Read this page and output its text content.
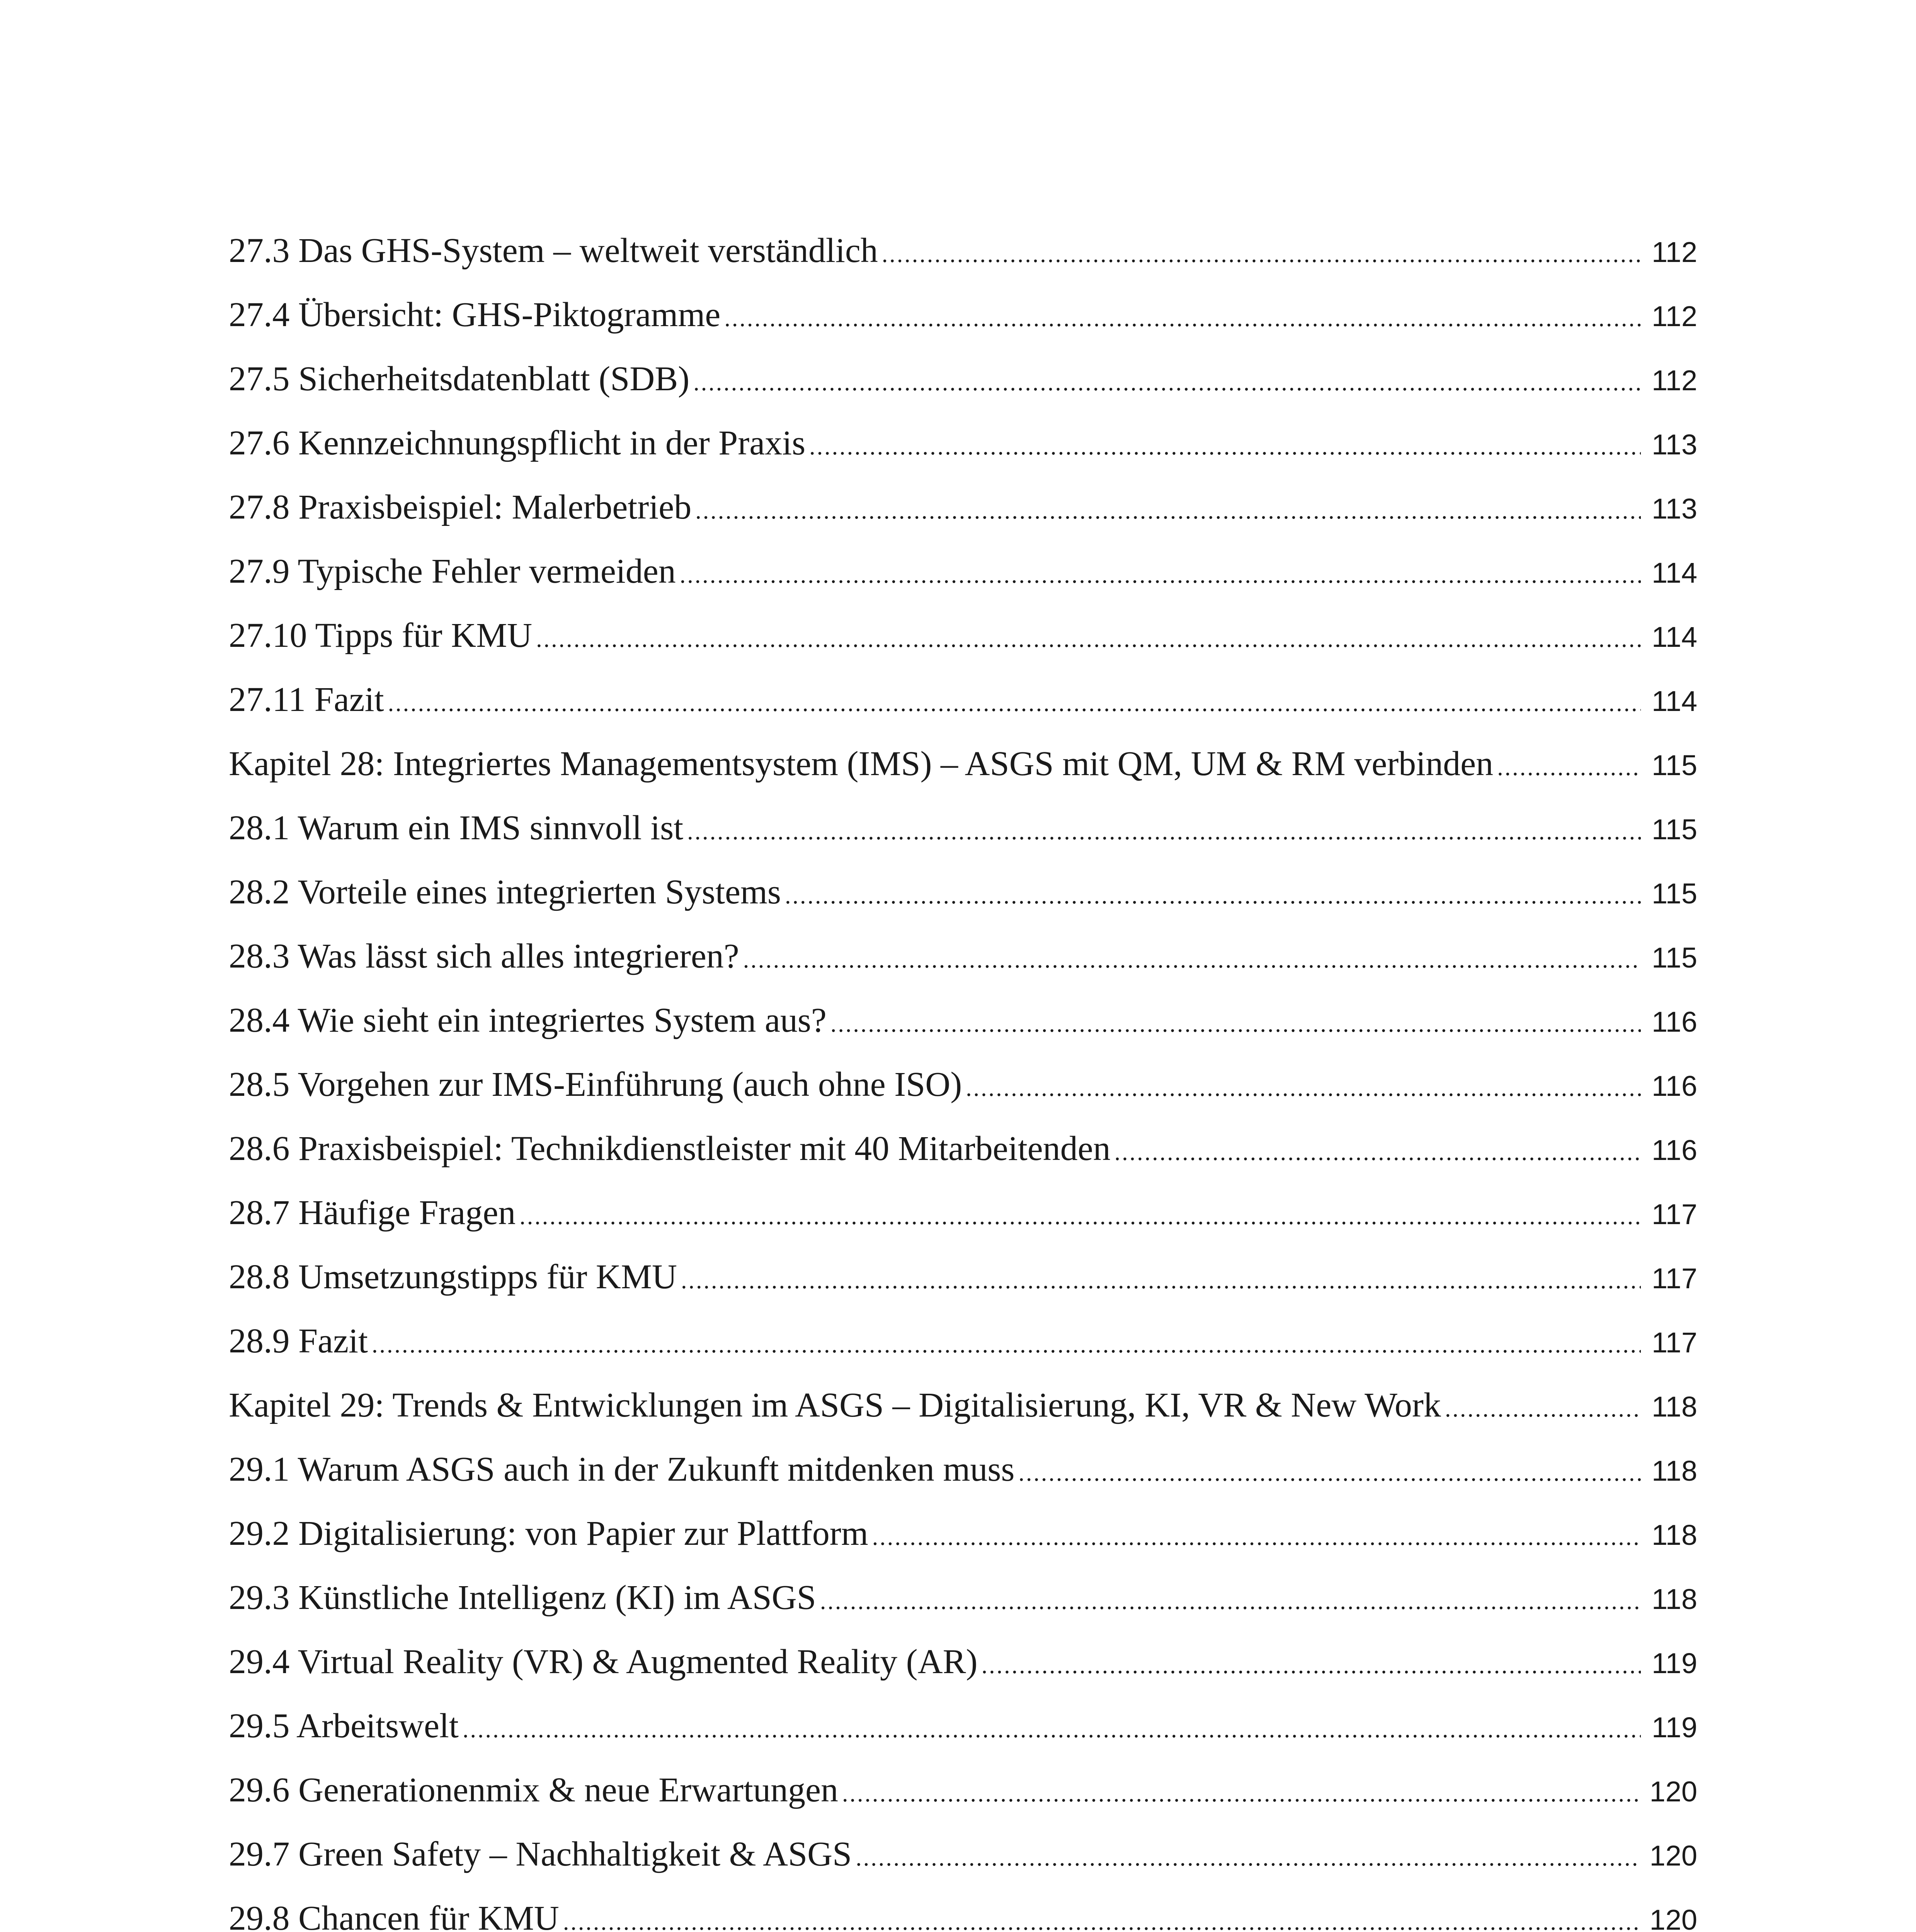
27.3 Das GHS-System – weltweit verständlich .....	112
27.4 Übersicht: GHS-Piktogramme .....	112
27.5 Sicherheitsdatenblatt (SDB) .....	112
27.6 Kennzeichnungspflicht in der Praxis .....	113
27.8 Praxisbeispiel: Malerbetrieb .....	113
27.9 Typische Fehler vermeiden .....	114
27.10 Tipps für KMU .....	114
27.11 Fazit .....	114
Kapitel 28: Integriertes Managementsystem (IMS) – ASGS mit QM, UM & RM verbinden .....	115
28.1 Warum ein IMS sinnvoll ist .....	115
28.2 Vorteile eines integrierten Systems .....	115
28.3 Was lässt sich alles integrieren? .....	115
28.4 Wie sieht ein integriertes System aus? .....	116
28.5 Vorgehen zur IMS-Einführung (auch ohne ISO) .....	116
28.6 Praxisbeispiel: Technikdienstleister mit 40 Mitarbeitenden .....	116
28.7 Häufige Fragen .....	117
28.8 Umsetzungstipps für KMU .....	117
28.9 Fazit .....	117
Kapitel 29: Trends & Entwicklungen im ASGS – Digitalisierung, KI, VR & New Work .....	118
29.1 Warum ASGS auch in der Zukunft mitdenken muss .....	118
29.2 Digitalisierung: von Papier zur Plattform .....	118
29.3 Künstliche Intelligenz (KI) im ASGS .....	118
29.4 Virtual Reality (VR) & Augmented Reality (AR) .....	119
29.5 Arbeitswelt .....	119
29.6 Generationenmix & neue Erwartungen .....	120
29.7 Green Safety – Nachhaltigkeit & ASGS .....	120
29.8 Chancen für KMU .....	120
